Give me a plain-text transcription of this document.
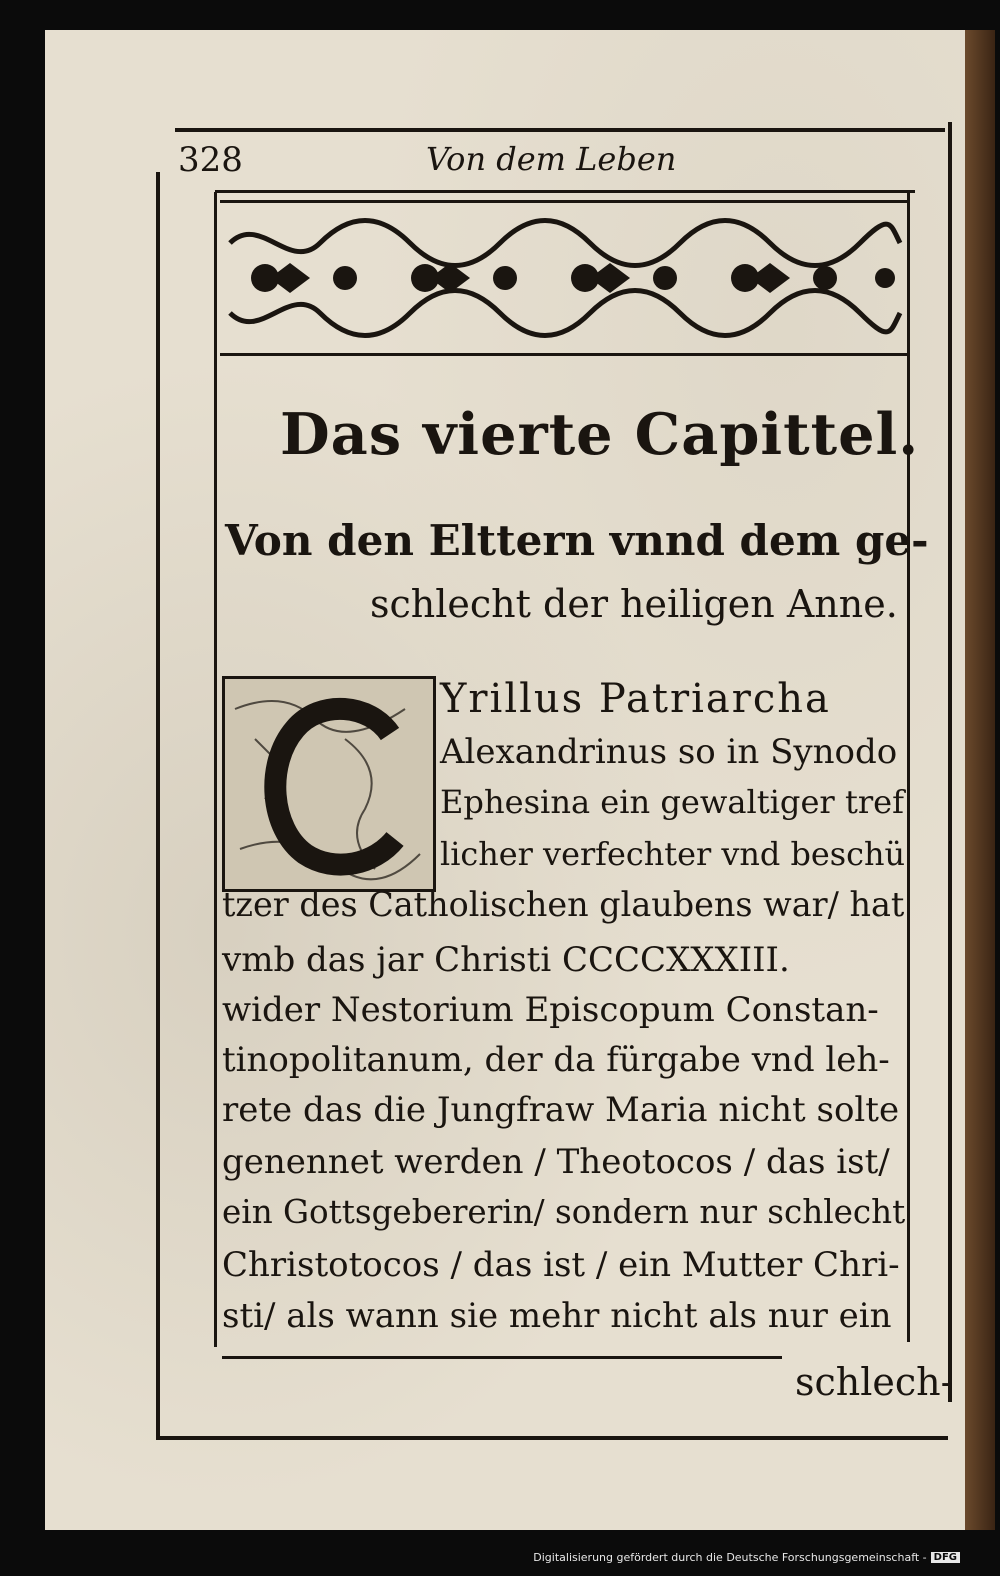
328	Von dem Leben
Das vierte Capittel.
Von den Elttern vnnd dem ge-
schlecht der heiligen Anne.
C	Yrillus Patriarcha
Alexandrinus so in Synodo
Ephesina ein gewaltiger tref
licher verfechter vnd beschü
tzer des Catholischen glaubens war/ hat
vmb das jar Christi CCCCXXXIII.
wider Nestorium Episcopum Constan-
tinopolitanum, der da fürgabe vnd leh-
rete das die Jungfraw Maria nicht solte
genennet werden / Theotocos / das ist/
ein Gottsgebererin/ sondern nur schlecht
Christotocos / das ist / ein Mutter Chri-
sti/ als wann sie mehr nicht als nur ein
schlech-
Digitalisierung gefördert durch die Deutsche Forschungsgemeinschaft - DFG
